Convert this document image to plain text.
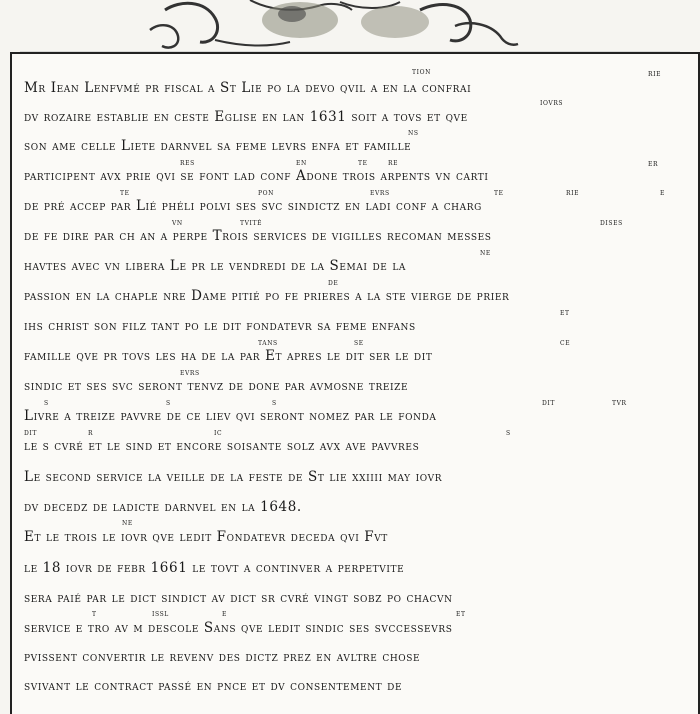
Mr Iean Lenfvmé pr fiscal a St Lie po la devo qvil a en la confrai
dv rozaire establie en ceste Eglise en lan 1631 soit a tovs et qve
son ame celle Liete darnvel sa feme levrs enfa et famille
participent avx prie qvi se font lad conf Adone trois arpents vn carti
de pré accep par Lié phéli polvi ses svc sindictz en ladi conf a charg
de fe dire par ch an a perpe Trois services de vigilles recoman messes
havtes avec vn libera Le pr le vendredi de la Semai de la
passion en la chaple nre Dame pitié po fe prieres a la ste vierge de prier
ihs christ son filz tant po le dit fondatevr sa feme enfans
famille qve pr tovs les ha de la par Et apres le dit ser le dit
sindic et ses svc seront tenvz de done par avmosne treize
Livre a treize pavvre de ce liev qvi seront nomez par le fonda
le s cvré et le sind et encore soisante solz avx ave pavvres
Le second service la veille de la feste de St lie xxiiii may iovr
dv decedz de ladicte darnvel en la 1648.
Et le trois le iovr qve ledit Fondatevr deceda qvi Fvt
le 18 iovr de febr 1661 le tovt a continver a perpetvite
sera paié par le dict sindict av dict sr cvré vingt sobz po chacvn
service e tro av m descole Sans qve ledit sindic ses svccessevrs
pvissent convertir le revenv des dictz prez en avltre chose
svivant le contract passé en pnce et dv consentement de
tion	rie
iovrs
ns
res	en	te re	er
te	pon	evrs	te	rie	e
vn	tvité	dises
ne
de
et
tans	se	ce
evrs
s	s	s	dit	tvr
dit	r	ic	s
ne
t	issl	e	et
